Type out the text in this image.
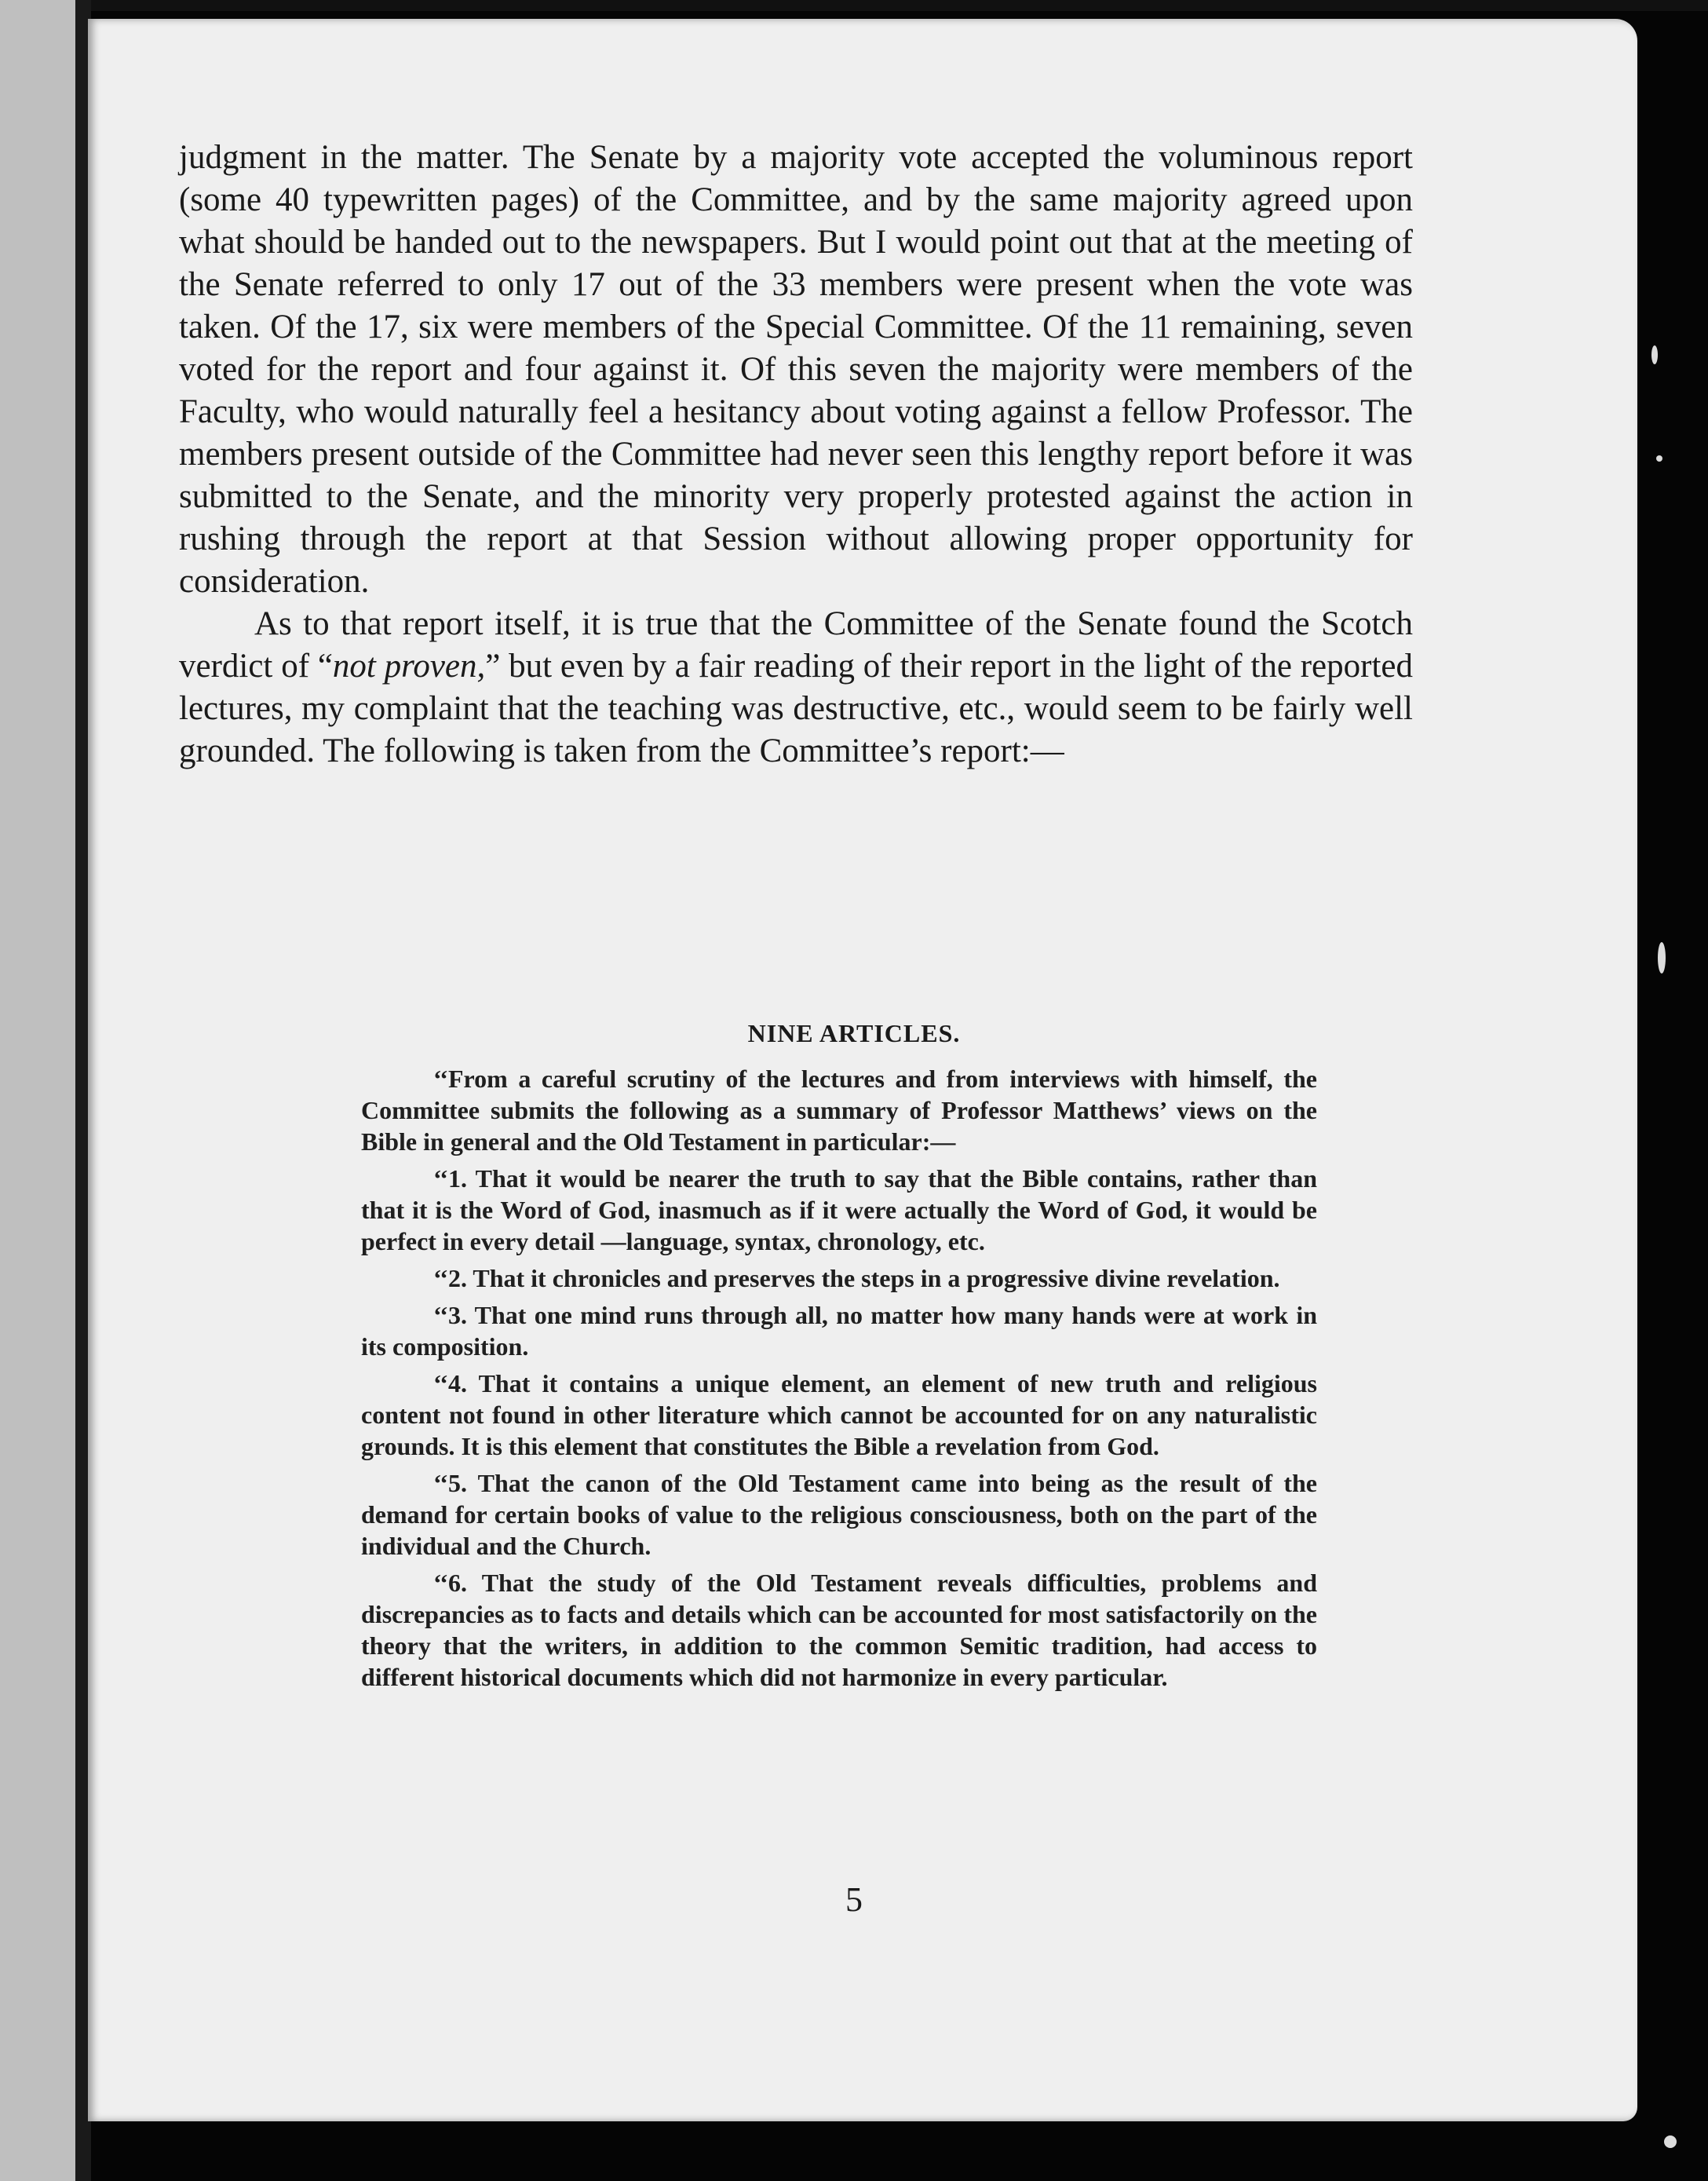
judgment in the matter. The Senate by a majority vote accepted the voluminous report (some 40 typewritten pages) of the Committee, and by the same majority agreed upon what should be handed out to the newspapers. But I would point out that at the meeting of the Senate referred to only 17 out of the 33 members were present when the vote was taken. Of the 17, six were members of the Special Committee. Of the 11 remaining, seven voted for the report and four against it. Of this seven the majority were members of the Faculty, who would naturally feel a hesitancy about voting against a fellow Professor. The members present outside of the Committee had never seen this lengthy report before it was submitted to the Senate, and the minority very properly protested against the action in rushing through the report at that Session without allowing proper opportunity for consideration.

As to that report itself, it is true that the Committee of the Senate found the Scotch verdict of “not proven,” but even by a fair reading of their report in the light of the reported lectures, my complaint that the teaching was destructive, etc., would seem to be fairly well grounded. The following is taken from the Committee’s report:—

NINE ARTICLES.

‘‘From a careful scrutiny of the lectures and from interviews with himself, the Committee submits the following as a summary of Professor Matthews’ views on the Bible in general and the Old Testament in particular:—

‘‘1. That it would be nearer the truth to say that the Bible contains, rather than that it is the Word of God, inasmuch as if it were actually the Word of God, it would be perfect in every detail —language, syntax, chronology, etc.

‘‘2. That it chronicles and preserves the steps in a progressive divine revelation.

‘‘3. That one mind runs through all, no matter how many hands were at work in its composition.

‘‘4. That it contains a unique element, an element of new truth and religious content not found in other literature which cannot be accounted for on any naturalistic grounds. It is this element that constitutes the Bible a revelation from God.

‘‘5. That the canon of the Old Testament came into being as the result of the demand for certain books of value to the religious consciousness, both on the part of the individual and the Church.

‘‘6. That the study of the Old Testament reveals difficulties, problems and discrepancies as to facts and details which can be accounted for most satisfactorily on the theory that the writers, in addition to the common Semitic tradition, had access to different historical documents which did not harmonize in every particular.

5
